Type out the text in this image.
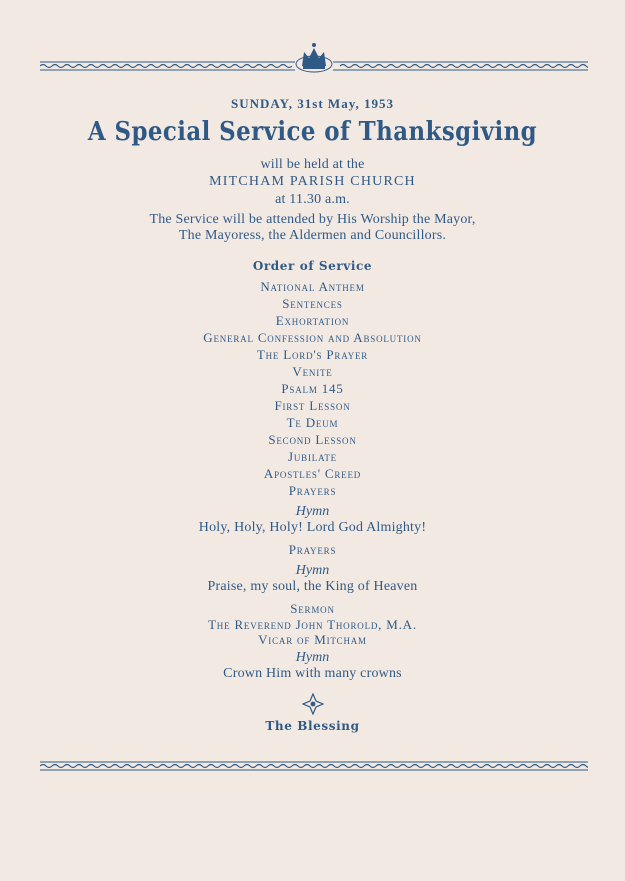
SUNDAY, 31st May, 1953
A Special Service of Thanksgiving
will be held at the
MITCHAM PARISH CHURCH
at 11.30 a.m.
The Service will be attended by His Worship the Mayor,
The Mayoress, the Aldermen and Councillors.
Order of Service
National Anthem
Sentences
Exhortation
General Confession and Absolution
The Lord's Prayer
Venite
Psalm 145
First Lesson
Te Deum
Second Lesson
Jubilate
Apostles' Creed
Prayers
Hymn
Holy, Holy, Holy! Lord God Almighty!
Prayers
Hymn
Praise, my soul, the King of Heaven
Sermon
The Reverend John Thorold, M.A.
Vicar of Mitcham
Hymn
Crown Him with many crowns
The Blessing
